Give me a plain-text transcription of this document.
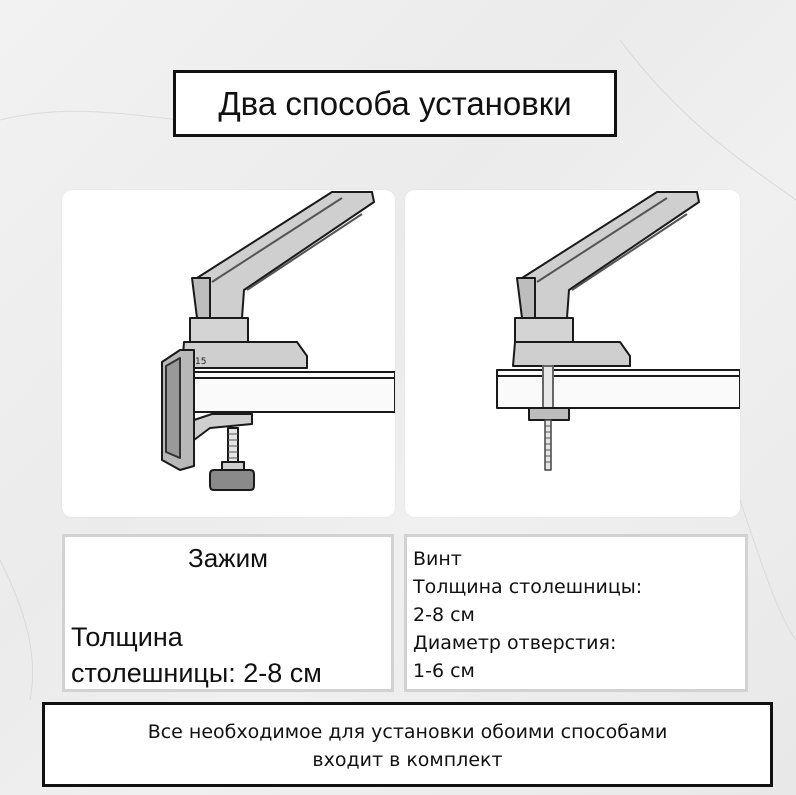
Два способа установки
15
Зажим
Толщина
столешницы: 2-8 см
Винт
Толщина столешницы:
2-8 см
Диаметр отверстия:
1-6 см
Все необходимое для установки обоими способами
входит в комплект
